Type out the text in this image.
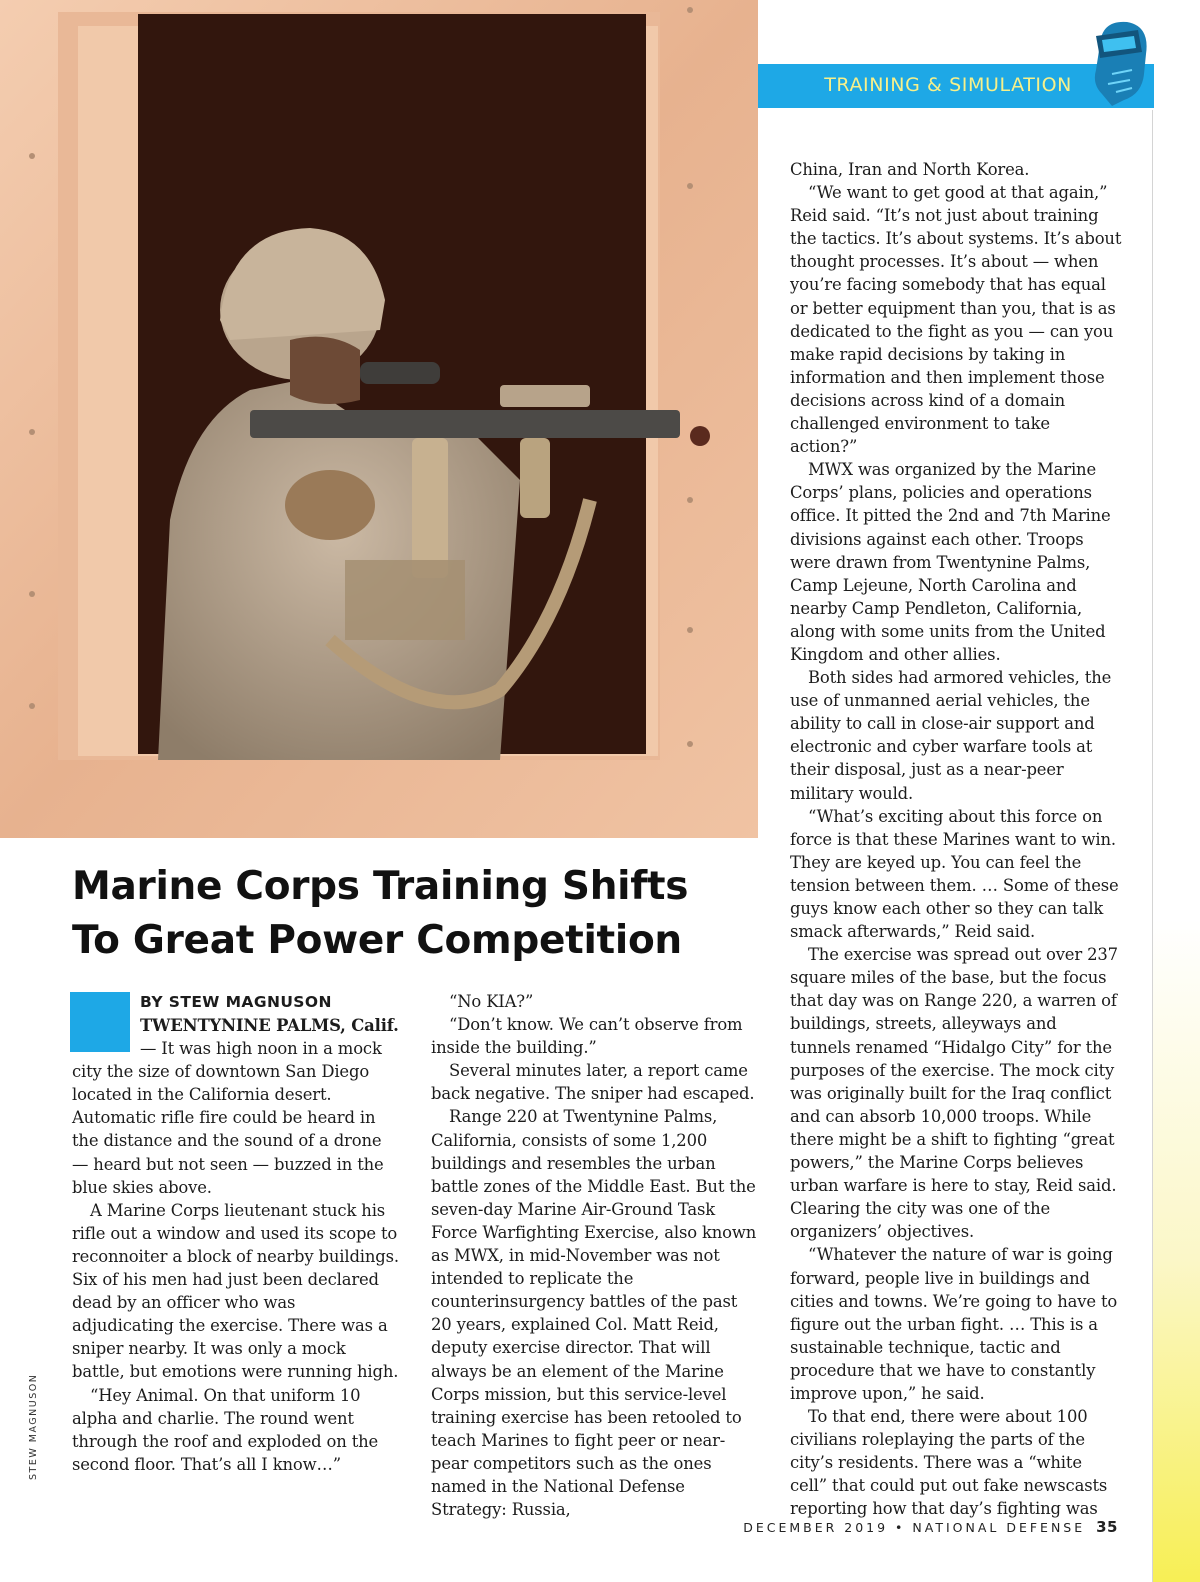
TRAINING & SIMULATION
Marine Corps Training Shifts
To Great Power Competition
BY STEW MAGNUSON

TWENTYNINE PALMS, Calif. — It was high noon in a mock city the size of downtown San Diego located in the California desert. Automatic rifle fire could be heard in the distance and the sound of a drone — heard but not seen — buzzed in the blue skies above.

A Marine Corps lieutenant stuck his rifle out a window and used its scope to reconnoiter a block of nearby buildings. Six of his men had just been declared dead by an officer who was adjudicating the exercise. There was a sniper nearby. It was only a mock battle, but emotions were running high.

“Hey Animal. On that uniform 10 alpha and charlie. The round went through the roof and exploded on the second floor. That’s all I know…”

“No KIA?”

“Don’t know. We can’t observe from inside the building.”

Several minutes later, a report came back negative. The sniper had escaped.

Range 220 at Twentynine Palms, California, consists of some 1,200 buildings and resembles the urban battle zones of the Middle East. But the seven-day Marine Air-Ground Task Force Warfighting Exercise, also known as MWX, in mid-November was not intended to replicate the counterinsurgency battles of the past 20 years, explained Col. Matt Reid, deputy exercise director. That will always be an element of the Marine Corps mission, but this service-level training exercise has been retooled to teach Marines to fight peer or near-pear competitors such as the ones named in the National Defense Strategy: Russia,

China, Iran and North Korea.

“We want to get good at that again,” Reid said. “It’s not just about training the tactics. It’s about systems. It’s about thought processes. It’s about — when you’re facing somebody that has equal or better equipment than you, that is as dedicated to the fight as you — can you make rapid decisions by taking in information and then implement those decisions across kind of a domain challenged environment to take action?”

MWX was organized by the Marine Corps’ plans, policies and operations office. It pitted the 2nd and 7th Marine divisions against each other. Troops were drawn from Twentynine Palms, Camp Lejeune, North Carolina and nearby Camp Pendleton, California, along with some units from the United Kingdom and other allies.

Both sides had armored vehicles, the use of unmanned aerial vehicles, the ability to call in close-air support and electronic and cyber warfare tools at their disposal, just as a near-peer military would.

“What’s exciting about this force on force is that these Marines want to win. They are keyed up. You can feel the tension between them. … Some of these guys know each other so they can talk smack afterwards,” Reid said.

The exercise was spread out over 237 square miles of the base, but the focus that day was on Range 220, a warren of buildings, streets, alleyways and tunnels renamed “Hidalgo City” for the purposes of the exercise. The mock city was originally built for the Iraq conflict and can absorb 10,000 troops. While there might be a shift to fighting “great powers,” the Marine Corps believes urban warfare is here to stay, Reid said. Clearing the city was one of the organizers’ objectives.

“Whatever the nature of war is going forward, people live in buildings and cities and towns. We’re going to have to figure out the urban fight. … This is a sustainable technique, tactic and procedure that we have to constantly improve upon,” he said.

To that end, there were about 100 civilians roleplaying the parts of the city’s residents. There was a “white cell” that could put out fake newscasts reporting how that day’s fighting was

STEW MAGNUSON
DECEMBER 2019 • NATIONAL DEFENSE 35
